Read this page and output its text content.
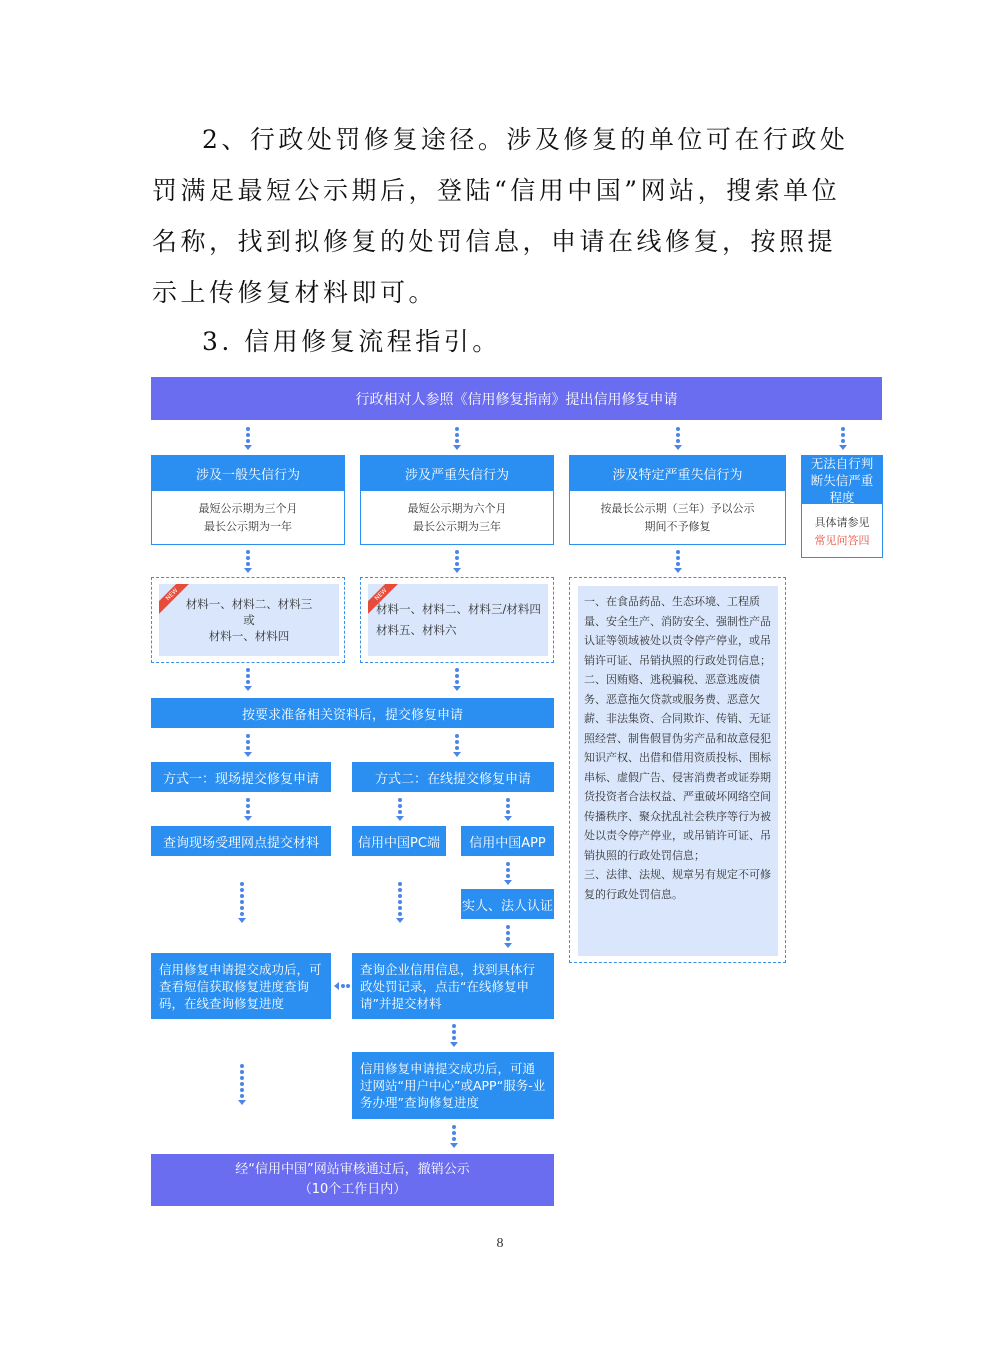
2、行政处罚修复途径。涉及修复的单位可在行政处罚满足最短公示期后，登陆“信用中国”网站，搜索单位名称，找到拟修复的处罚信息，申请在线修复，按照提示上传修复材料即可。
3. 信用修复流程指引。
行政相对人参照《信用修复指南》提出信用修复申请
涉及一般失信行为
最短公示期为三个月
最长公示期为一年
涉及严重失信行为
最短公示期为六个月
最长公示期为三年
涉及特定严重失信行为
按最长公示期（三年）予以公示
期间不予修复
无法自行判断失信严重程度
具体请参见
常见问答四
材料一、材料二、材料三
或
材料一、材料四
NEW
材料一、材料二、材料三/材料四
材料五、材料六
NEW	一、在食品药品、生态环境、工程质量、安全生产、消防安全、强制性产品认证等领域被处以责令停产停业，或吊销许可证、吊销执照的行政处罚信息；
二、因贿赂、逃税骗税、恶意逃废债务、恶意拖欠贷款或服务费、恶意欠薪、非法集资、合同欺诈、传销、无证照经营、制售假冒伪劣产品和故意侵犯知识产权、出借和借用资质投标、围标串标、虚假广告、侵害消费者或证券期货投资者合法权益、严重破坏网络空间传播秩序、聚众扰乱社会秩序等行为被处以责令停产停业，或吊销许可证、吊销执照的行政处罚信息；
三、法律、法规、规章另有规定不可修复的行政处罚信息。
按要求准备相关资料后，提交修复申请
方式一：现场提交修复申请	方式二：在线提交修复申请
查询现场受理网点提交材料	信用中国PC端	信用中国APP
实人、法人认证
信用修复申请提交成功后，可查看短信获取修复进度查询码，在线查询修复进度
查询企业信用信息，找到具体行政处罚记录，点击“在线修复申请”并提交材料
信用修复申请提交成功后，可通过网站“用户中心”或APP“服务-业务办理”查询修复进度
经“信用中国”网站审核通过后，撤销公示
（10个工作日内）
8
